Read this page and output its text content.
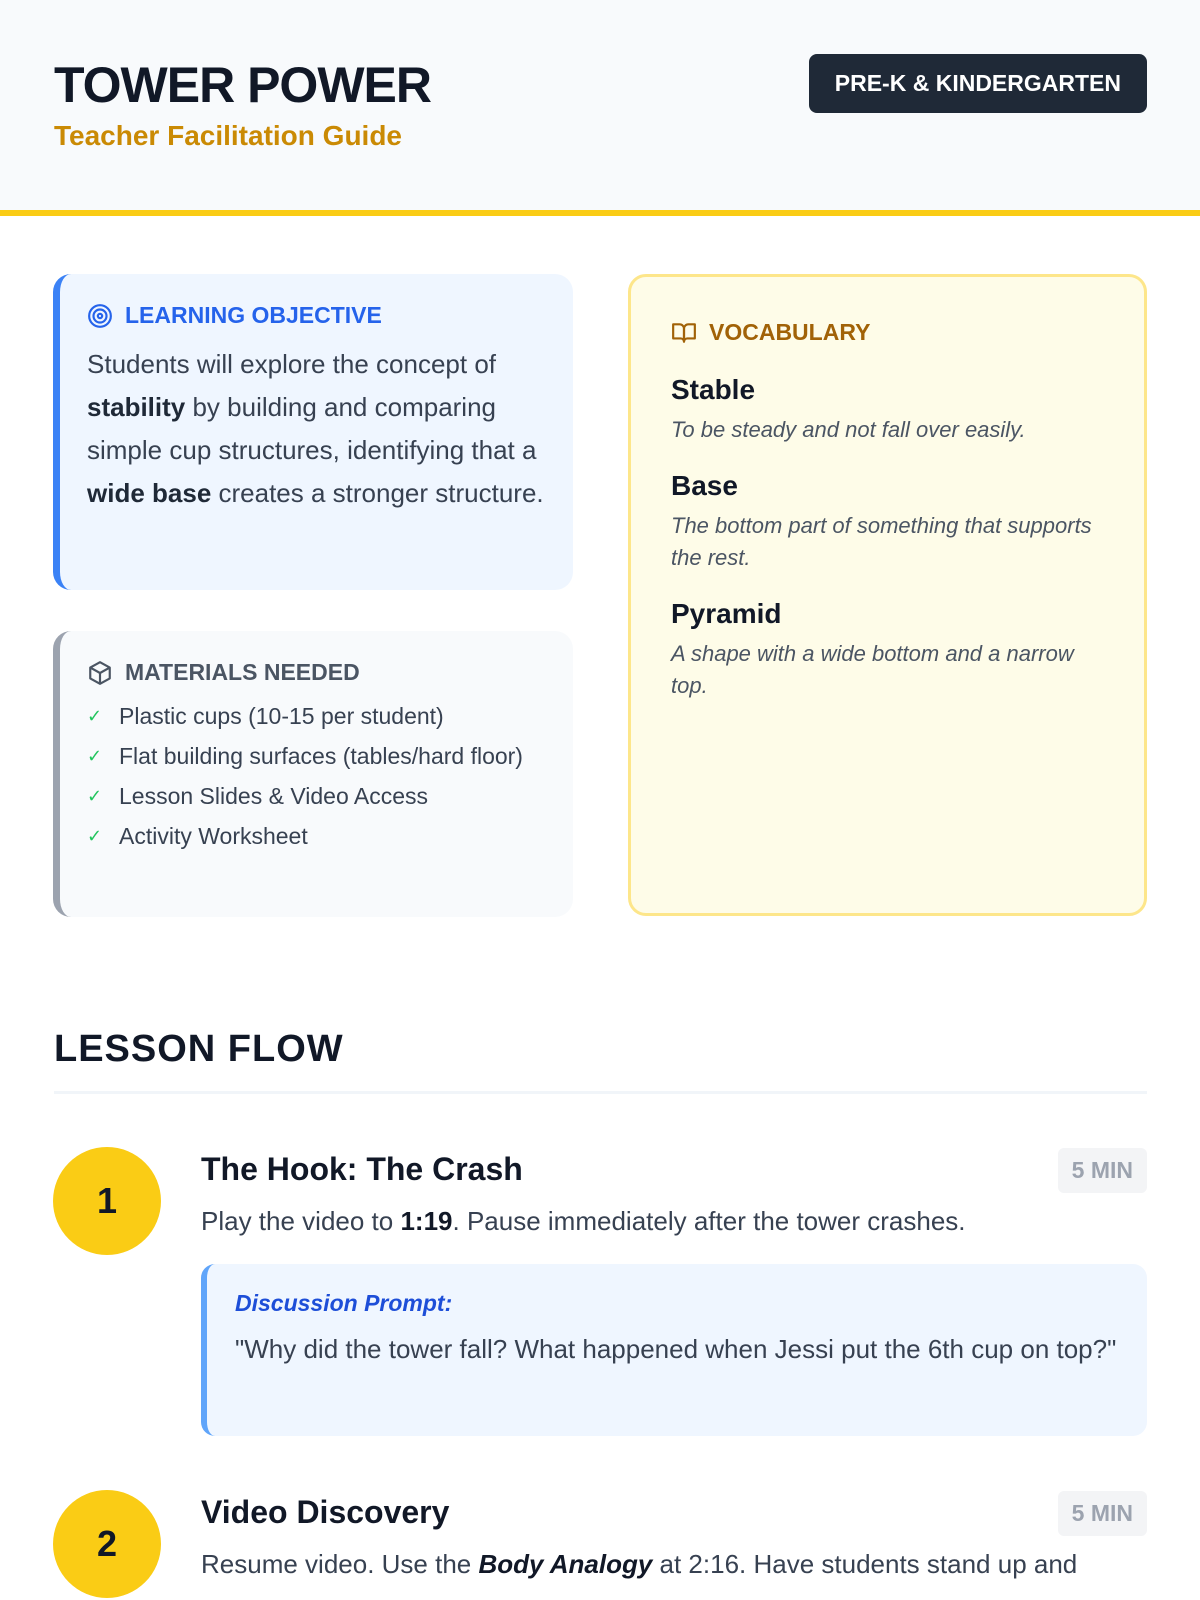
TOWER POWER
Teacher Facilitation Guide
PRE-K & KINDERGARTEN
LEARNING OBJECTIVE

Students will explore the concept of stability by building and comparing simple cup structures, identifying that a wide base creates a stronger structure.

MATERIALS NEEDED
✓ Plastic cups (10-15 per student)
✓ Flat building surfaces (tables/hard floor)
✓ Lesson Slides & Video Access
✓ Activity Worksheet
VOCABULARY
Stable
To be steady and not fall over easily.
Base
The bottom part of something that supports the rest.
Pyramid
A shape with a wide bottom and a narrow top.
LESSON FLOW
1
The Hook: The Crash	5 MIN
Play the video to 1:19. Pause immediately after the tower crashes.
Discussion Prompt:
"Why did the tower fall? What happened when Jessi put the 6th cup on top?"
2
Video Discovery	5 MIN
Resume video. Use the Body Analogy at 2:16. Have students stand up and
